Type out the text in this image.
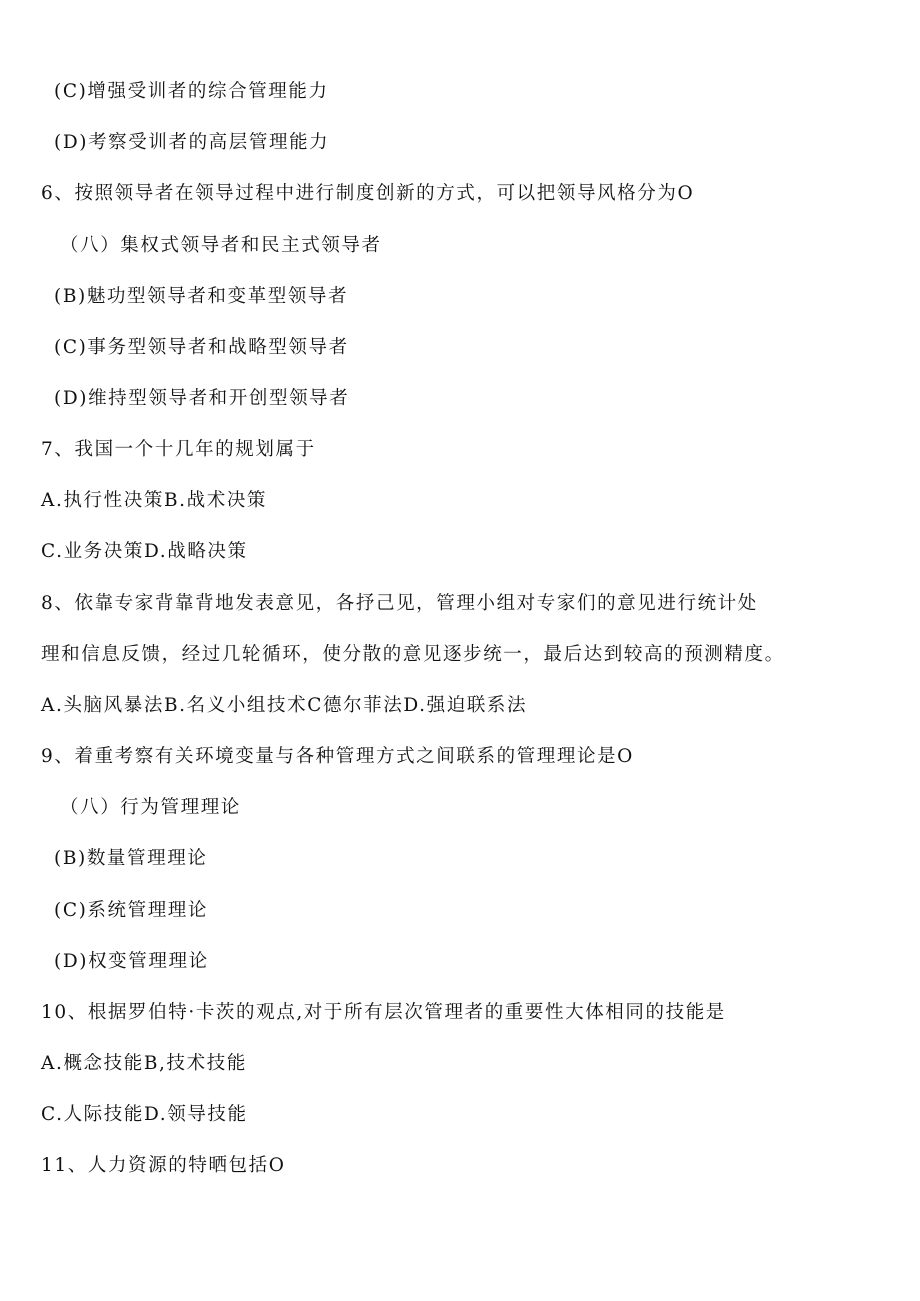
(C)增强受训者的综合管理能力
(D)考察受训者的高层管理能力
6、按照领导者在领导过程中进行制度创新的方式，可以把领导风格分为O
（八）集权式领导者和民主式领导者
(B)魅功型领导者和变革型领导者
(C)事务型领导者和战略型领导者
(D)维持型领导者和开创型领导者
7、我国一个十几年的规划属于
A.执行性决策B.战术决策
C.业务决策D.战略决策
8、依靠专家背靠背地发表意见，各抒己见，管理小组对专家们的意见进行统计处
理和信息反馈，经过几轮循环，使分散的意见逐步统一，最后达到较高的预测精度。
A.头脑风暴法B.名义小组技术C德尔菲法D.强迫联系法
9、着重考察有关环境变量与各种管理方式之间联系的管理理论是O
（八）行为管理理论
(B)数量管理理论
(C)系统管理理论
(D)权变管理理论
10、根据罗伯特·卡茨的观点,对于所有层次管理者的重要性大体相同的技能是
A.概念技能B,技术技能
C.人际技能D.领导技能
11、人力资源的特晒包括O
